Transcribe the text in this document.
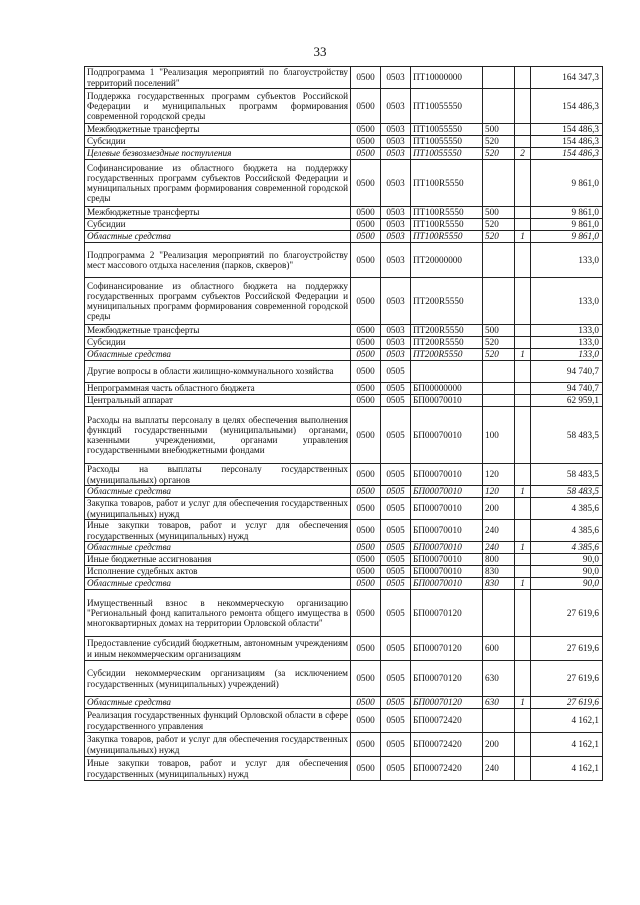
33
Подпрограмма 1 "Реализация мероприятий по благоустройству территорий поселений"	0500	0503	ПТ10000000			164 347,3
Поддержка государственных программ субъектов Российской Федерации и муниципальных программ формирования современной городской среды	0500	0503	ПТ10055550			154 486,3
Межбюджетные трансферты	0500	0503	ПТ10055550	500		154 486,3
Субсидии	0500	0503	ПТ10055550	520		154 486,3
Целевые безвозмездные поступления	0500	0503	ПТ10055550	520	2	154 486,3
Софинансирование из областного бюджета на поддержку государственных программ субъектов Российской Федерации и муниципальных программ формирования современной городской среды	0500	0503	ПТ100R5550			9 861,0
Межбюджетные трансферты	0500	0503	ПТ100R5550	500		9 861,0
Субсидии	0500	0503	ПТ100R5550	520		9 861,0
Областные средства	0500	0503	ПТ100R5550	520	1	9 861,0
Подпрограмма 2 "Реализация мероприятий по благоустройству мест массового отдыха населения (парков, скверов)"	0500	0503	ПТ20000000			133,0
Софинансирование из областного бюджета на поддержку государственных программ субъектов Российской Федерации и муниципальных программ формирования современной городской среды	0500	0503	ПТ200R5550			133,0
Межбюджетные трансферты	0500	0503	ПТ200R5550	500		133,0
Субсидии	0500	0503	ПТ200R5550	520		133,0
Областные средства	0500	0503	ПТ200R5550	520	1	133,0
Другие вопросы в области жилищно-коммунального хозяйства	0500	0505				94 740,7
Непрограммная часть областного бюджета	0500	0505	БП00000000			94 740,7
Центральный аппарат	0500	0505	БП00070010			62 959,1
Расходы на выплаты персоналу в целях обеспечения выполнения функций государственными (муниципальными) органами, казенными учреждениями, органами управления государственными внебюджетными фондами	0500	0505	БП00070010	100		58 483,5
Расходы на выплаты персоналу государственных (муниципальных) органов	0500	0505	БП00070010	120		58 483,5
Областные средства	0500	0505	БП00070010	120	1	58 483,5
Закупка товаров, работ и услуг для обеспечения государственных (муниципальных) нужд	0500	0505	БП00070010	200		4 385,6
Иные закупки товаров, работ и услуг для обеспечения государственных (муниципальных) нужд	0500	0505	БП00070010	240		4 385,6
Областные средства	0500	0505	БП00070010	240	1	4 385,6
Иные бюджетные ассигнования	0500	0505	БП00070010	800		90,0
Исполнение судебных актов	0500	0505	БП00070010	830		90,0
Областные средства	0500	0505	БП00070010	830	1	90,0
Имущественный взнос в некоммерческую организацию "Региональный фонд капитального ремонта общего имущества в многоквартирных домах на территории Орловской области"	0500	0505	БП00070120			27 619,6
Предоставление субсидий бюджетным, автономным учреждениям и иным некоммерческим организациям	0500	0505	БП00070120	600		27 619,6
Субсидии некоммерческим организациям (за исключением государственных (муниципальных) учреждений)	0500	0505	БП00070120	630		27 619,6
Областные средства	0500	0505	БП00070120	630	1	27 619,6
Реализация государственных функций Орловской области в сфере государственного управления	0500	0505	БП00072420			4 162,1
Закупка товаров, работ и услуг для обеспечения государственных (муниципальных) нужд	0500	0505	БП00072420	200		4 162,1
Иные закупки товаров, работ и услуг для обеспечения государственных (муниципальных) нужд	0500	0505	БП00072420	240		4 162,1
